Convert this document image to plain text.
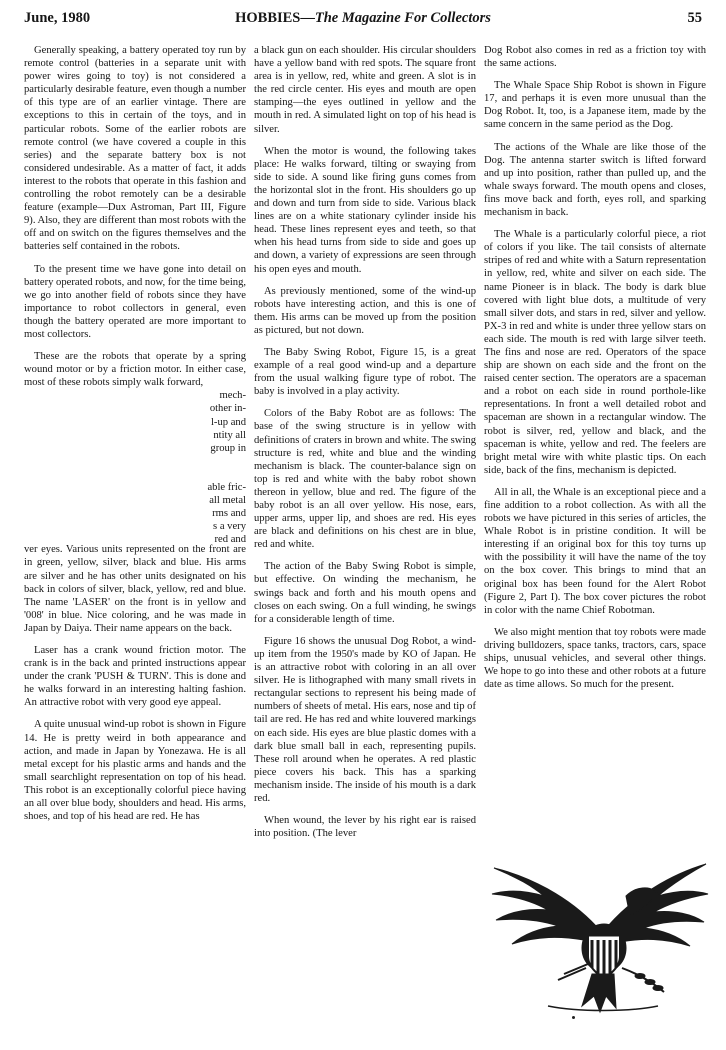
June, 1980	HOBBIES—The Magazine For Collectors	55

Generally speaking, a battery operated toy run by remote control (batteries in a separate unit with power wires going to toy) is not considered a particularly desirable feature, even though a number of this type are of an earlier vintage. There are exceptions to this in certain of the toys, and in particular robots. Some of the earlier robots are remote control (we have covered a couple in this series) and the separate battery box is not considered undesirable. As a matter of fact, it adds interest to the robots that operate in this fashion and controlling the robot remotely can be a desirable feature (example—Dux Astroman, Part III, Figure 9). Also, they are different than most robots with the off and on switch on the figures themselves and the batteries self contained in the robots.

To the present time we have gone into detail on battery operated robots, and now, for the time being, we go into another field of robots since they have importance to robot collectors in general, even though the battery operated are more important to most collectors.

These are the robots that operate by a spring wound motor or by a friction motor. In either case, most of these robots simply walk forward,

mech-
other in-
l-up and
ntity all
group in
able fric-
all metal
rms and
s a very
red and

ver eyes. Various units represented on the front are in green, yellow, silver, black and blue. His arms are silver and he has other units designated on his back in colors of silver, black, yellow, red and blue. The name 'LASER' on the front is in yellow and '008' in blue. Nice coloring, and he was made in Japan by Daiya. Their name appears on the back.

Laser has a crank wound friction motor. The crank is in the back and printed instructions appear under the crank 'PUSH & TURN'. This is done and he walks forward in an interesting halting fashion. An attractive robot with very good eye appeal.

A quite unusual wind-up robot is shown in Figure 14. He is pretty weird in both appearance and action, and made in Japan by Yonezawa. He is all metal except for his plastic arms and hands and the small searchlight representation on top of his head. This robot is an exceptionally colorful piece having an all over blue body, shoulders and head. His arms, shoes, and top of his head are red. He has

a black gun on each shoulder. His circular shoulders have a yellow band with red spots. The square front area is in yellow, red, white and green. A slot is in the red circle center. His eyes and mouth are open stamping—the eyes outlined in yellow and the mouth in red. A simulated light on top of his head is silver.

When the motor is wound, the following takes place: He walks forward, tilting or swaying from side to side. A sound like firing guns comes from the horizontal slot in the front. His shoulders go up and down and turn from side to side. Various black lines are on a white stationary cylinder inside his head. These lines represent eyes and teeth, so that when his head turns from side to side and goes up and down, a variety of expressions are seen through his open eyes and mouth.

As previously mentioned, some of the wind-up robots have interesting action, and this is one of them. His arms can be moved up from the position as pictured, but not down.

The Baby Swing Robot, Figure 15, is a great example of a real good wind-up and a departure from the usual walking figure type of robot. The baby is involved in a play activity.

Colors of the Baby Robot are as follows: The base of the swing structure is in yellow with definitions of craters in brown and white. The swing structure is red, white and blue and the winding mechanism is black. The counter-balance sign on top is red and white with the baby robot shown thereon in yellow, blue and red. The figure of the baby robot is an all over yellow. His nose, ears, upper arms, upper lip, and shoes are red. His eyes are black and definitions on his chest are in blue, red and white.

The action of the Baby Swing Robot is simple, but effective. On winding the mechanism, he swings back and forth and his mouth opens and closes on each swing. On a full winding, he swings for a considerable length of time.

Figure 16 shows the unusual Dog Robot, a wind-up item from the 1950's made by KO of Japan. He is an attractive robot with coloring in an all over silver. He is lithographed with many small rivets in rectangular sections to represent his being made of numbers of sheets of metal. His ears, nose and tip of tail are red. He has red and white louvered markings on each side. His eyes are blue plastic domes with a dark blue small ball in each, representing pupils. These roll around when he operates. A red plastic piece covers his back. This has a sparking mechanism inside. The inside of his mouth is a dark red.

When wound, the lever by his right ear is raised into position. (The lever

Dog Robot also comes in red as a friction toy with the same actions.

The Whale Space Ship Robot is shown in Figure 17, and perhaps it is even more unusual than the Dog Robot. It, too, is a Japanese item, made by the same concern in the same period as the Dog.

The actions of the Whale are like those of the Dog. The antenna starter switch is lifted forward and up into position, rather than pulled up, and the whale sways forward. The mouth opens and closes, fins move back and forth, eyes roll, and sparking mechanism in back.

The Whale is a particularly colorful piece, a riot of colors if you like. The tail consists of alternate stripes of red and white with a Saturn representation in yellow, red, white and silver on each side. The name Pioneer is in black. The body is dark blue covered with light blue dots, a multitude of very small silver dots, and stars in red, silver and yellow. PX-3 in red and white is under three yellow stars on each side. The mouth is red with large silver teeth. The fins and nose are red. Operators of the space ship are shown on each side and the front on the raised center section. The operators are a spaceman and a robot on each side in round porthole-like representations. In front a well detailed robot and spaceman are shown in a rectangular window. The robot is silver, red, yellow and black, and the spaceman is white, yellow and red. The feelers are bright metal wire with white plastic tips. On each side, back of the fins, mechanism is depicted.

All in all, the Whale is an exceptional piece and a fine addition to a robot collection. As with all the robots we have pictured in this series of articles, the Whale Robot is in pristine condition. It will be interesting if an original box for this toy turns up with the possibility it will have the name of the toy on the box cover. This brings to mind that an original box has been found for the Alert Robot (Figure 2, Part I). The box cover pictures the robot in color with the name Chief Robotman.

We also might mention that toy robots were made driving bulldozers, space tanks, tractors, cars, space ships, unusual vehicles, and several other things. We hope to go into these and other robots at a future date as time allows. So much for the present.
